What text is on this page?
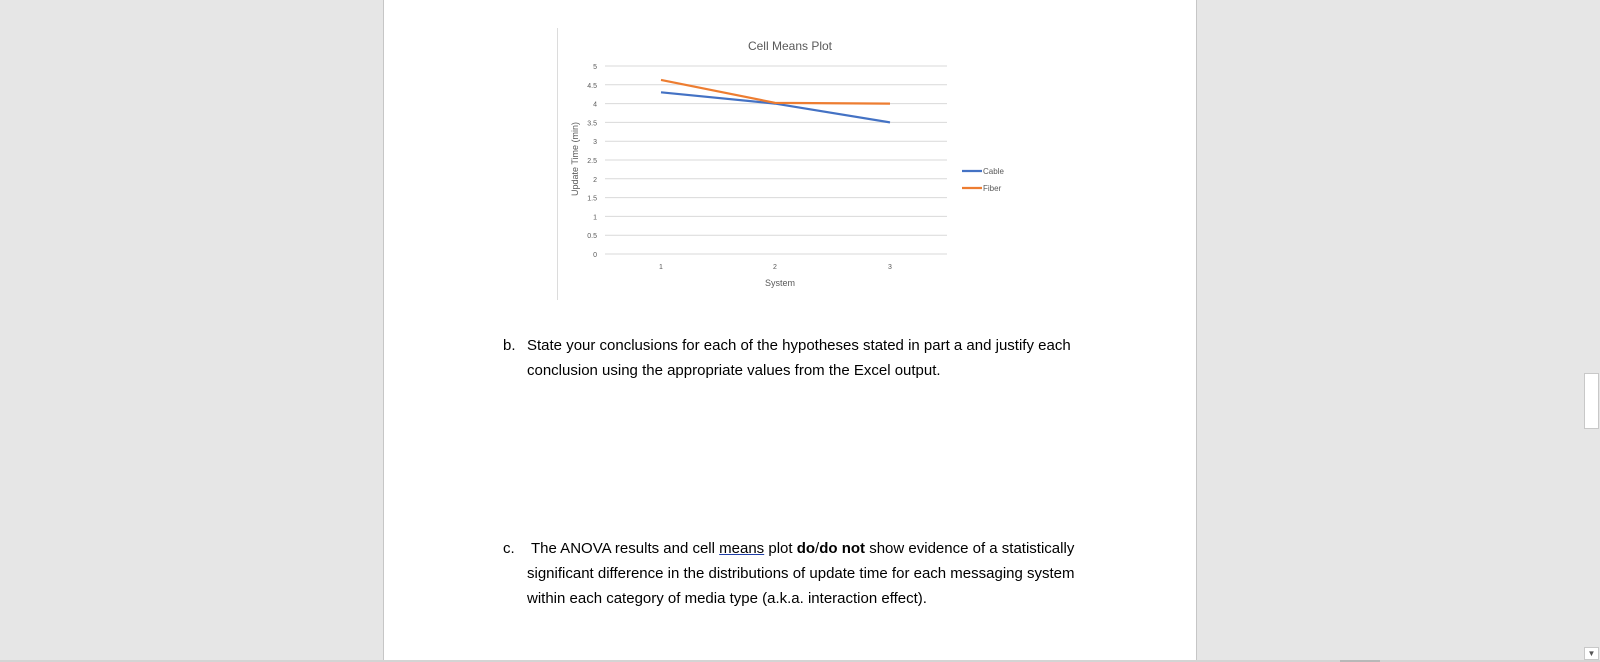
Cell Means Plot
0
0.5
1
1.5
2
2.5
3
3.5
4
4.5
5
1	2	3
Cable
Fiber
System
Update Time (min)
b. State your conclusions for each of the hypotheses stated in part a and justify each
conclusion using the appropriate values from the Excel output.
c. The ANOVA results and cell means plot do/do not show evidence of a statistically
significant difference in the distributions of update time for each messaging system
within each category of media type (a.k.a. interaction effect).
▼
